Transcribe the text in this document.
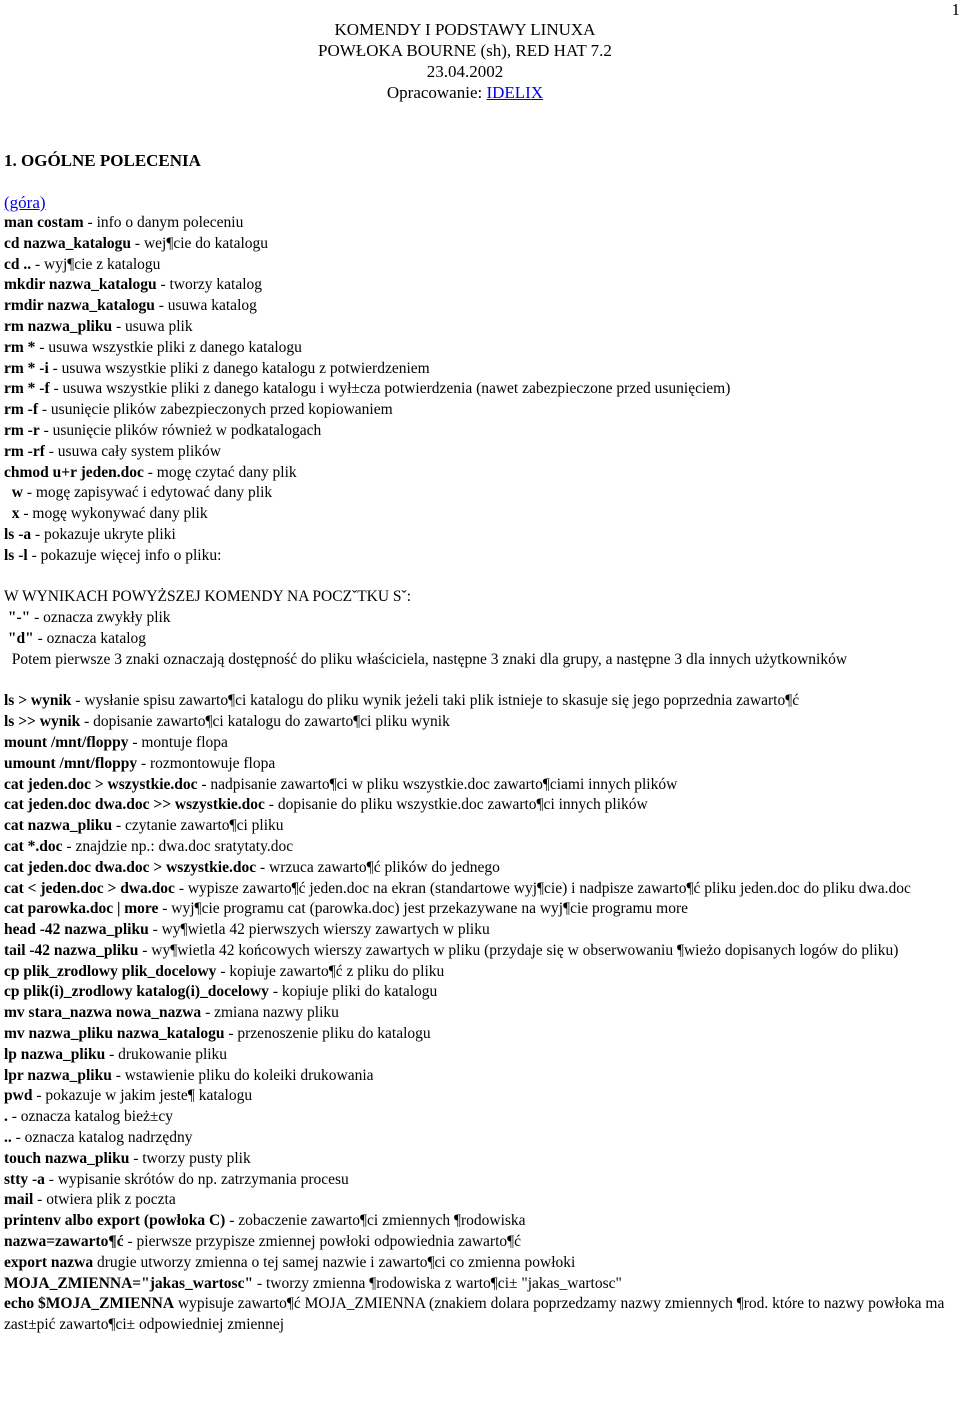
1
KOMENDY I PODSTAWY LINUXA
POWŁOKA BOURNE (sh), RED HAT 7.2
23.04.2002
Opracowanie: IDELIX
1. OGÓLNE POLECENIA
(góra)
man costam - info o danym poleceniu
cd nazwa_katalogu - wej¶cie do katalogu
cd .. - wyj¶cie z katalogu
mkdir nazwa_katalogu - tworzy katalog
rmdir nazwa_katalogu - usuwa katalog
rm nazwa_pliku - usuwa plik
rm * - usuwa wszystkie pliki z danego katalogu
rm * -i - usuwa wszystkie pliki z danego katalogu z potwierdzeniem
rm * -f - usuwa wszystkie pliki z danego katalogu i wył±cza potwierdzenia (nawet zabezpieczone przed usunięciem)
rm -f - usunięcie plików zabezpieczonych przed kopiowaniem
rm -r - usunięcie plików również w podkatalogach
rm -rf - usuwa cały system plików
chmod u+r jeden.doc - mogę czytać dany plik
w - mogę zapisywać i edytować dany plik
x - mogę wykonywać dany plik
ls -a - pokazuje ukryte pliki
ls -l - pokazuje więcej info o pliku:
W WYNIKACH POWYŻSZEJ KOMENDY NA POCZˇTKU Sˇ:
"-" - oznacza zwykły plik
"d" - oznacza katalog
Potem pierwsze 3 znaki oznaczają dostępność do pliku właściciela, następne 3 znaki dla grupy, a następne 3 dla innych użytkowników
ls > wynik - wysłanie spisu zawarto¶ci katalogu do pliku wynik jeżeli taki plik istnieje to skasuje się jego poprzednia zawarto¶ć
ls >> wynik - dopisanie zawarto¶ci katalogu do zawarto¶ci pliku wynik
mount /mnt/floppy - montuje flopa
umount /mnt/floppy - rozmontowuje flopa
cat jeden.doc > wszystkie.doc - nadpisanie zawarto¶ci w pliku wszystkie.doc zawarto¶ciami innych plików
cat jeden.doc dwa.doc >> wszystkie.doc - dopisanie do pliku wszystkie.doc zawarto¶ci innych plików
cat nazwa_pliku - czytanie zawarto¶ci pliku
cat *.doc - znajdzie np.: dwa.doc sratytaty.doc
cat jeden.doc dwa.doc > wszystkie.doc - wrzuca zawarto¶ć plików do jednego
cat < jeden.doc > dwa.doc - wypisze zawarto¶ć jeden.doc na ekran (standartowe wyj¶cie) i nadpisze zawarto¶ć pliku jeden.doc do pliku dwa.doc
cat parowka.doc | more - wyj¶cie programu cat (parowka.doc) jest przekazywane na wyj¶cie programu more
head -42 nazwa_pliku - wy¶wietla 42 pierwszych wierszy zawartych w pliku
tail -42 nazwa_pliku - wy¶wietla 42 końcowych wierszy zawartych w pliku (przydaje się w obserwowaniu ¶wieżo dopisanych logów do pliku)
cp plik_zrodlowy plik_docelowy - kopiuje zawarto¶ć z pliku do pliku
cp plik(i)_zrodlowy katalog(i)_docelowy - kopiuje pliki do katalogu
mv stara_nazwa nowa_nazwa - zmiana nazwy pliku
mv nazwa_pliku nazwa_katalogu - przenoszenie pliku do katalogu
lp nazwa_pliku - drukowanie pliku
lpr nazwa_pliku - wstawienie pliku do koleiki drukowania
pwd - pokazuje w jakim jeste¶ katalogu
. - oznacza katalog bież±cy
.. - oznacza katalog nadrzędny
touch nazwa_pliku - tworzy pusty plik
stty -a - wypisanie skrótów do np. zatrzymania procesu
mail - otwiera plik z poczta
printenv albo export (powłoka C) - zobaczenie zawarto¶ci zmiennych ¶rodowiska
nazwa=zawarto¶ć - pierwsze przypisze zmiennej powłoki odpowiednia zawarto¶ć
export nazwa drugie utworzy zmienna o tej samej nazwie i zawarto¶ci co zmienna powłoki
MOJA_ZMIENNA="jakas_wartosc" - tworzy zmienna ¶rodowiska z warto¶ci± "jakas_wartosc"
echo $MOJA_ZMIENNA wypisuje zawarto¶ć MOJA_ZMIENNA (znakiem dolara poprzedzamy nazwy zmiennych ¶rod. które to nazwy powłoka ma zast±pić zawarto¶ci± odpowiedniej zmiennej
